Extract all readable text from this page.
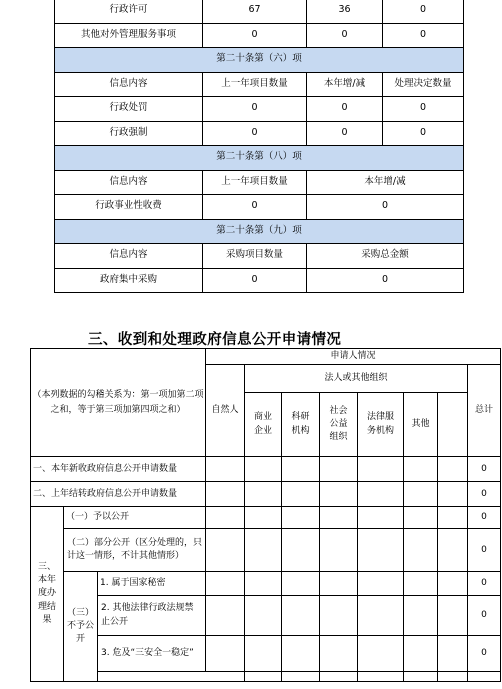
行政许可	67	36	0
其他对外管理服务事项	0	0	0
第二十条第（六）项			
信息内容	上一年项目数量	本年增/减	处理决定数量
行政处罚	0	0	0
行政强制	0	0	0
第二十条第（八）项			
信息内容	上一年项目数量	本年增/减	
行政事业性收费	0	0	
第二十条第（九）项			
信息内容	采购项目数量	采购总金额	
政府集中采购	0	0	
三、收到和处理政府信息公开申请情况
（本列数据的勾稽关系为：第一项加第二项之和，等于第三项加第四项之和）			申请人情况								
			自然人	法人或其他组织						总计	
				商业企业	科研机构	社会公益组织	法律服务机构	其他			
一、本年新收政府信息公开申请数量										0	
二、上年结转政府信息公开申请数量										0	
三、本年度办理结果	（一）予以公开									0	
	（二）部分公开（区分处理的，只计这一情形，不计其他情形）									0	
	（三）不予公开	1. 属于国家秘密								0	
		2. 其他法律行政法规禁止公开								0	
		3. 危及“三安全一稳定”								0	
